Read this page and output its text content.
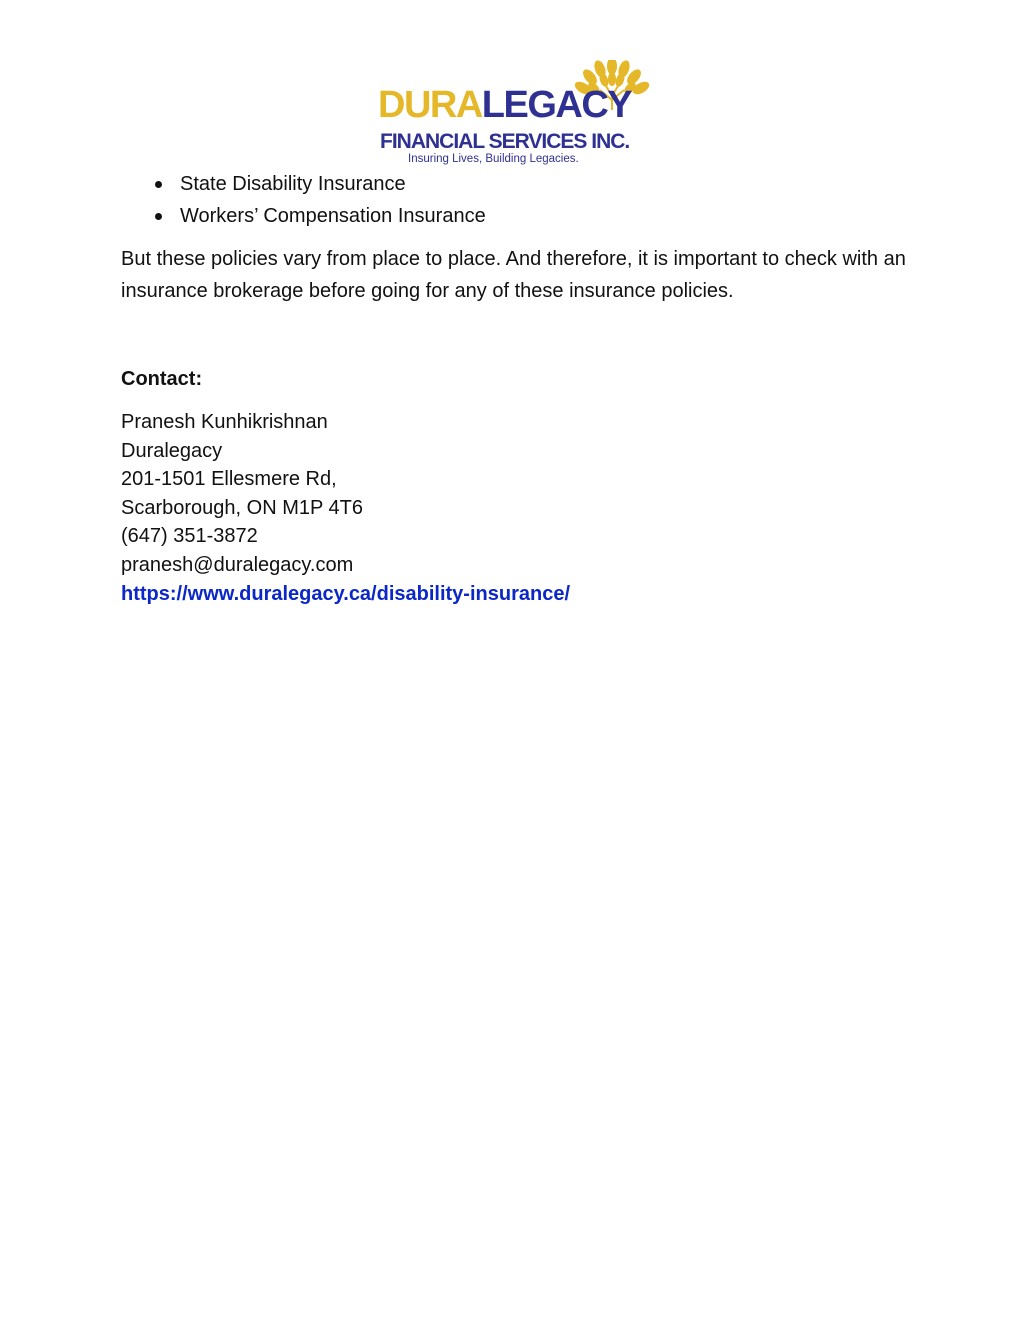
DURALEGACY
FINANCIAL SERVICES INC.
Insuring Lives, Building Legacies.
State Disability Insurance
Workers’ Compensation Insurance

But these policies vary from place to place. And therefore, it is important to check with an insurance brokerage before going for any of these insurance policies.

Contact:

Pranesh Kunhikrishnan
Duralegacy
201-1501 Ellesmere Rd,
Scarborough, ON M1P 4T6
(647) 351-3872
pranesh@duralegacy.com
https://www.duralegacy.ca/disability-insurance/
